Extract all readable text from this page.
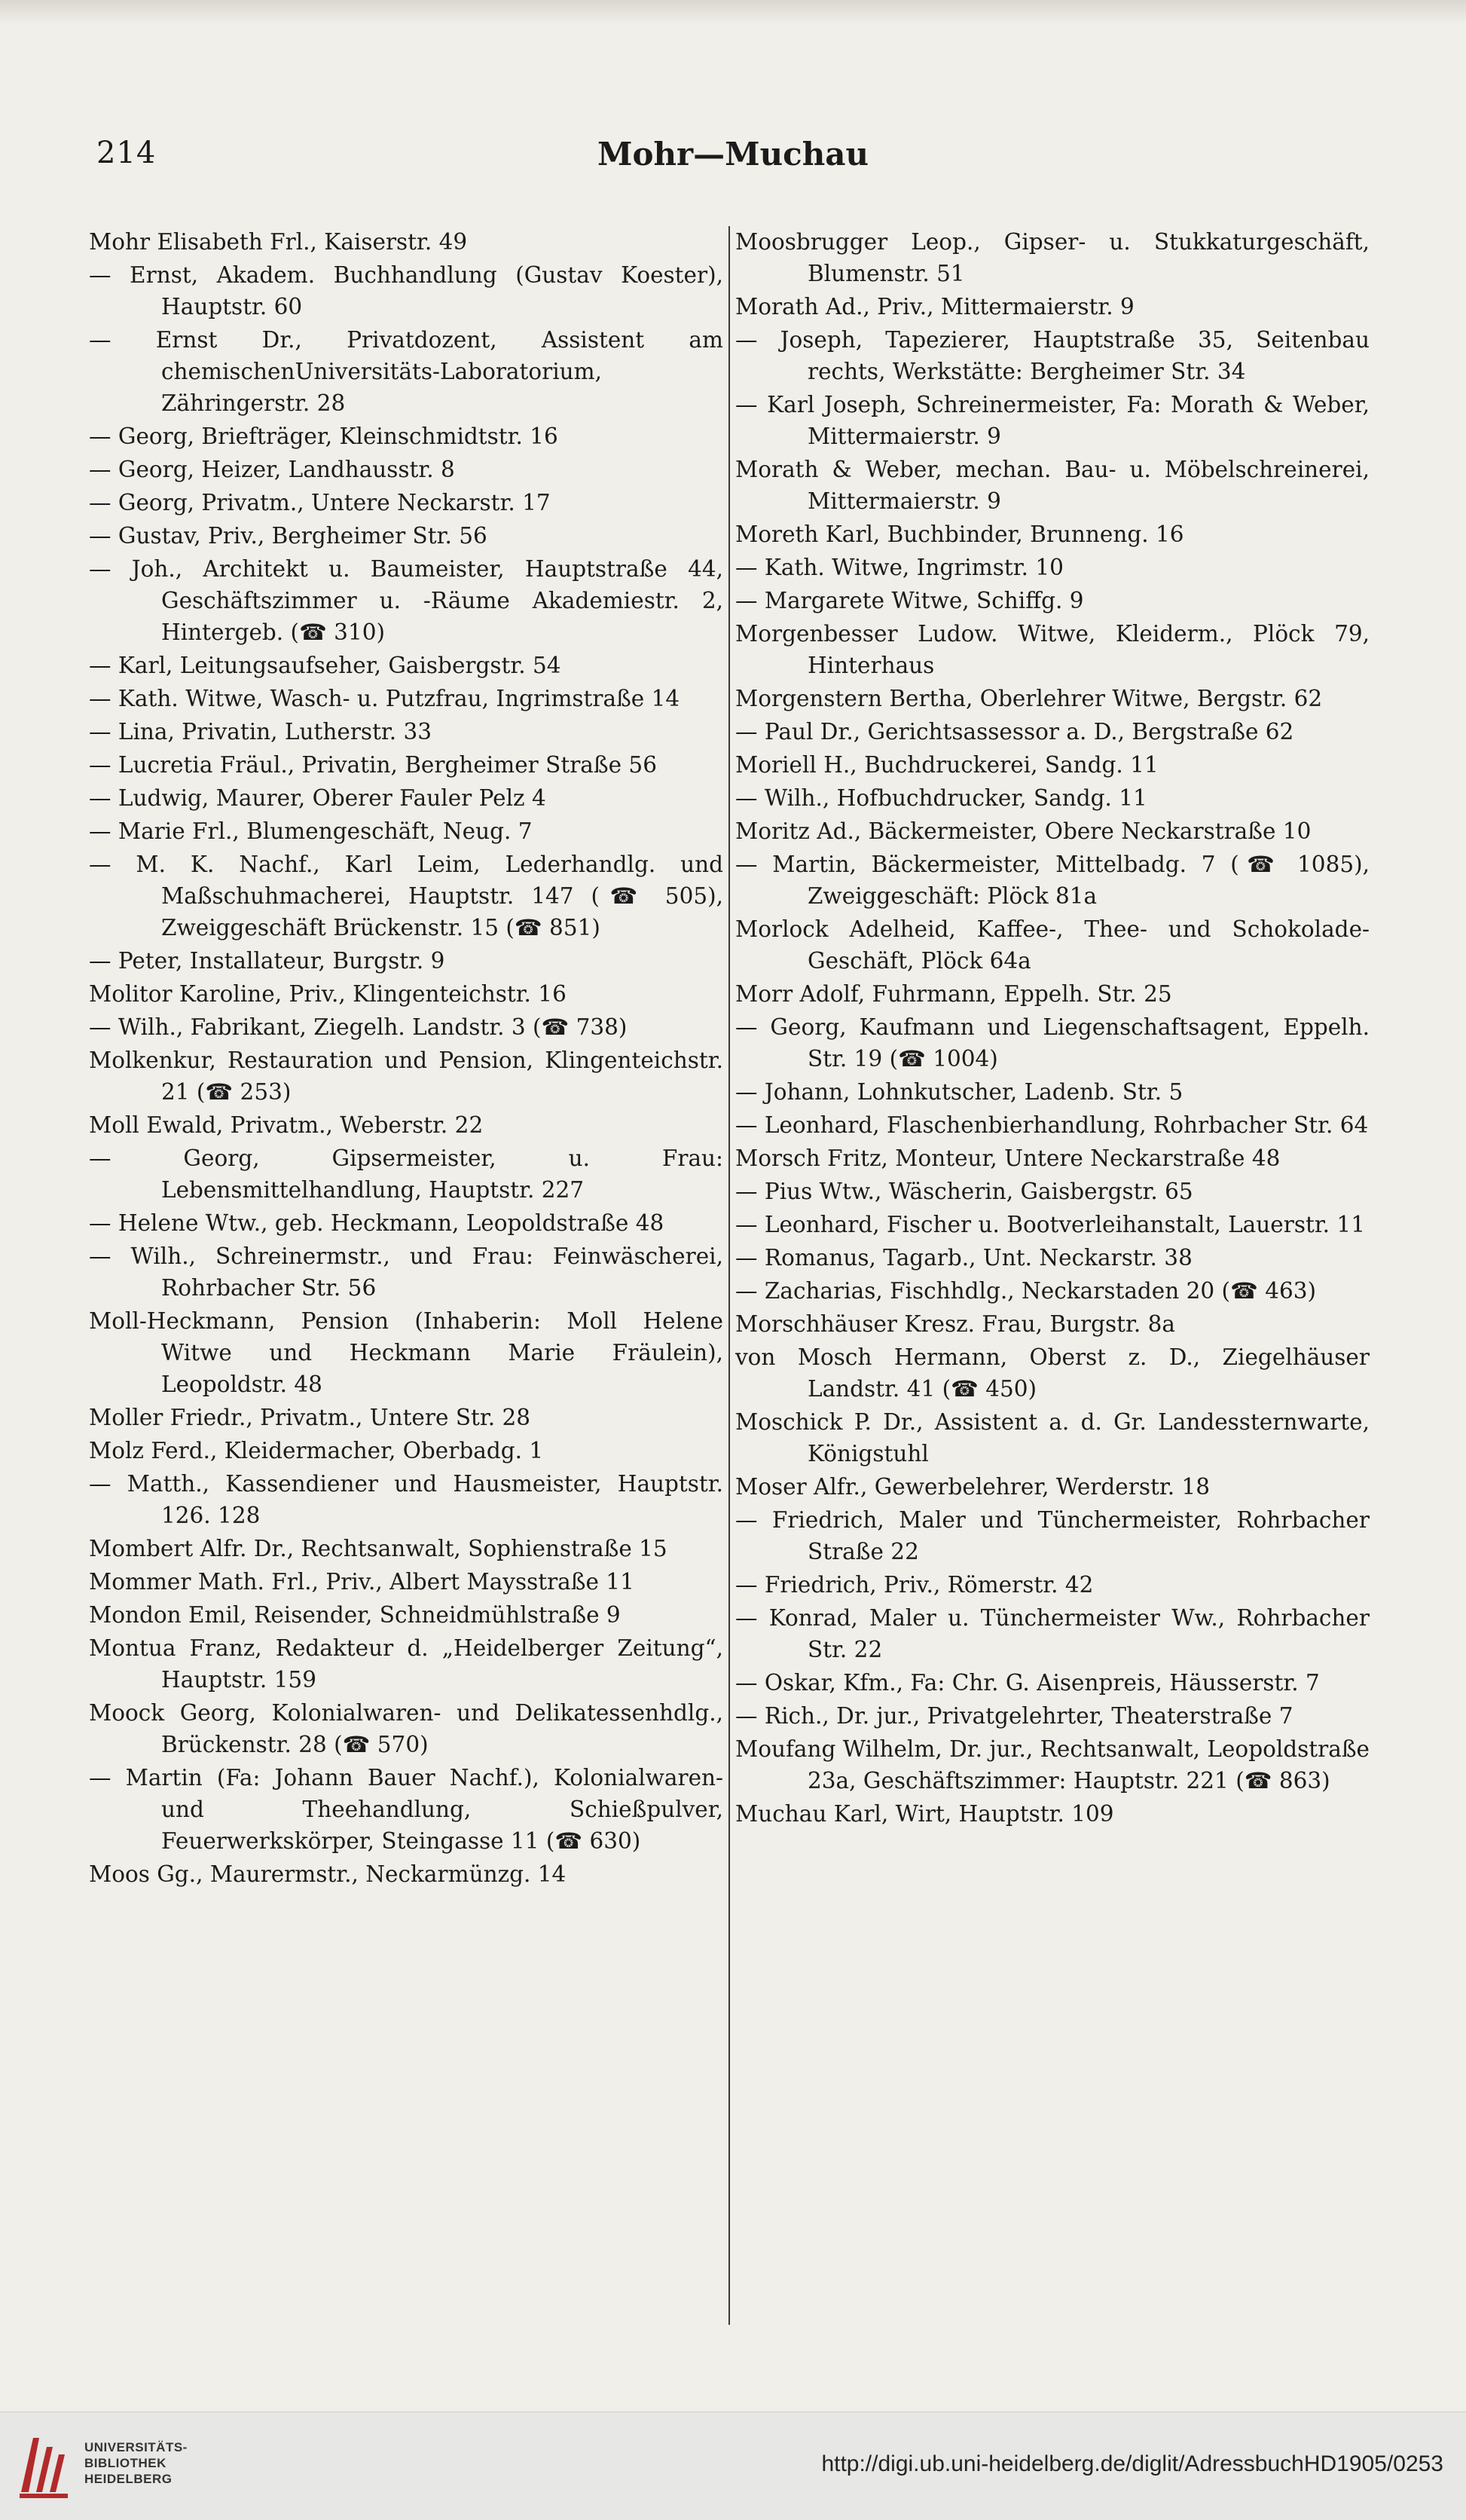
214	Mohr—Muchau

Mohr Elisabeth Frl., Kaiserstr. 49

— Ernst, Akadem. Buchhandlung (Gustav Koester), Hauptstr. 60

— Ernst Dr., Privatdozent, Assistent am chemischenUniversitäts-Laboratorium, Zähringerstr. 28

— Georg, Briefträger, Kleinschmidtstr. 16

— Georg, Heizer, Landhausstr. 8

— Georg, Privatm., Untere Neckarstr. 17

— Gustav, Priv., Bergheimer Str. 56

— Joh., Architekt u. Baumeister, Hauptstraße 44, Geschäftszimmer u. -Räume Akademiestr. 2, Hintergeb. (☎ 310)

— Karl, Leitungsaufseher, Gaisbergstr. 54

— Kath. Witwe, Wasch- u. Putzfrau, Ingrimstraße 14

— Lina, Privatin, Lutherstr. 33

— Lucretia Fräul., Privatin, Bergheimer Straße 56

— Ludwig, Maurer, Oberer Fauler Pelz 4

— Marie Frl., Blumengeschäft, Neug. 7

— M. K. Nachf., Karl Leim, Lederhandlg. und Maßschuhmacherei, Hauptstr. 147 (☎ 505), Zweiggeschäft Brückenstr. 15 (☎ 851)

— Peter, Installateur, Burgstr. 9

Molitor Karoline, Priv., Klingenteichstr. 16

— Wilh., Fabrikant, Ziegelh. Landstr. 3 (☎ 738)

Molkenkur, Restauration und Pension, Klingenteichstr. 21 (☎ 253)

Moll Ewald, Privatm., Weberstr. 22

— Georg, Gipsermeister, u. Frau: Lebensmittelhandlung, Hauptstr. 227

— Helene Wtw., geb. Heckmann, Leopoldstraße 48

— Wilh., Schreinermstr., und Frau: Feinwäscherei, Rohrbacher Str. 56

Moll-Heckmann, Pension (Inhaberin: Moll Helene Witwe und Heckmann Marie Fräulein), Leopoldstr. 48

Moller Friedr., Privatm., Untere Str. 28

Molz Ferd., Kleidermacher, Oberbadg. 1

— Matth., Kassendiener und Hausmeister, Hauptstr. 126. 128

Mombert Alfr. Dr., Rechtsanwalt, Sophienstraße 15

Mommer Math. Frl., Priv., Albert Maysstraße 11

Mondon Emil, Reisender, Schneidmühlstraße 9

Montua Franz, Redakteur d. „Heidelberger Zeitung“, Hauptstr. 159

Moock Georg, Kolonialwaren- und Delikatessenhdlg., Brückenstr. 28 (☎ 570)

— Martin (Fa: Johann Bauer Nachf.), Kolonialwaren- und Theehandlung, Schießpulver, Feuerwerkskörper, Steingasse 11 (☎ 630)

Moos Gg., Maurermstr., Neckarmünzg. 14

Moosbrugger Leop., Gipser- u. Stukkaturgeschäft, Blumenstr. 51

Morath Ad., Priv., Mittermaierstr. 9

— Joseph, Tapezierer, Hauptstraße 35, Seitenbau rechts, Werkstätte: Bergheimer Str. 34

— Karl Joseph, Schreinermeister, Fa: Morath & Weber, Mittermaierstr. 9

Morath & Weber, mechan. Bau- u. Möbelschreinerei, Mittermaierstr. 9

Moreth Karl, Buchbinder, Brunneng. 16

— Kath. Witwe, Ingrimstr. 10

— Margarete Witwe, Schiffg. 9

Morgenbesser Ludow. Witwe, Kleiderm., Plöck 79, Hinterhaus

Morgenstern Bertha, Oberlehrer Witwe, Bergstr. 62

— Paul Dr., Gerichtsassessor a. D., Bergstraße 62

Moriell H., Buchdruckerei, Sandg. 11

— Wilh., Hofbuchdrucker, Sandg. 11

Moritz Ad., Bäckermeister, Obere Neckarstraße 10

— Martin, Bäckermeister, Mittelbadg. 7 (☎ 1085), Zweiggeschäft: Plöck 81a

Morlock Adelheid, Kaffee-, Thee- und Schokolade-Geschäft, Plöck 64a

Morr Adolf, Fuhrmann, Eppelh. Str. 25

— Georg, Kaufmann und Liegenschaftsagent, Eppelh. Str. 19 (☎ 1004)

— Johann, Lohnkutscher, Ladenb. Str. 5

— Leonhard, Flaschenbierhandlung, Rohrbacher Str. 64

Morsch Fritz, Monteur, Untere Neckarstraße 48

— Pius Wtw., Wäscherin, Gaisbergstr. 65

— Leonhard, Fischer u. Bootverleihanstalt, Lauerstr. 11

— Romanus, Tagarb., Unt. Neckarstr. 38

— Zacharias, Fischhdlg., Neckarstaden 20 (☎ 463)

Morschhäuser Kresz. Frau, Burgstr. 8a

von Mosch Hermann, Oberst z. D., Ziegelhäuser Landstr. 41 (☎ 450)

Moschick P. Dr., Assistent a. d. Gr. Landessternwarte, Königstuhl

Moser Alfr., Gewerbelehrer, Werderstr. 18

— Friedrich, Maler und Tünchermeister, Rohrbacher Straße 22

— Friedrich, Priv., Römerstr. 42

— Konrad, Maler u. Tünchermeister Ww., Rohrbacher Str. 22

— Oskar, Kfm., Fa: Chr. G. Aisenpreis, Häusserstr. 7

— Rich., Dr. jur., Privatgelehrter, Theaterstraße 7

Moufang Wilhelm, Dr. jur., Rechtsanwalt, Leopoldstraße 23a, Geschäftszimmer: Hauptstr. 221 (☎ 863)

Muchau Karl, Wirt, Hauptstr. 109

UNIVERSITÄTS-
BIBLIOTHEK
HEIDELBERG
http://digi.ub.uni-heidelberg.de/diglit/AdressbuchHD1905/0253
